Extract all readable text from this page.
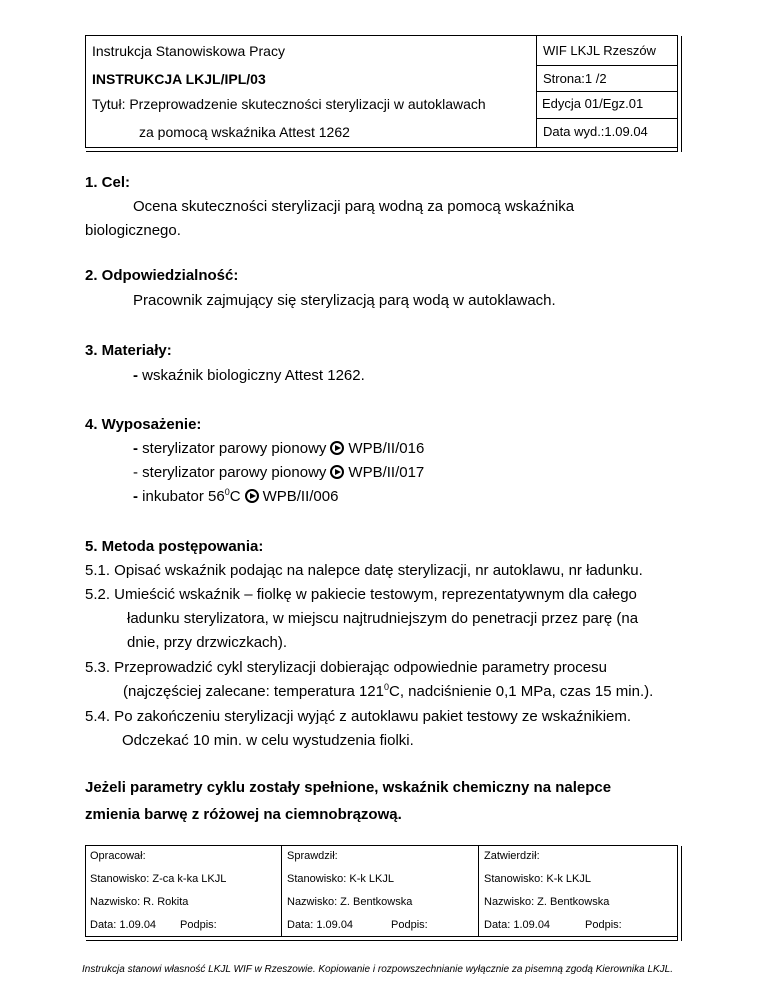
Instrukcja Stanowiskowa Pracy	WIF LKJL Rzeszów
INSTRUKCJA LKJL/IPL/03	Strona:1 /2
Tytuł: Przeprowadzenie skuteczności sterylizacji w autoklawach	Edycja 01/Egz.01
za pomocą wskaźnika Attest 1262	Data wyd.:1.09.04
1. Cel:
Ocena skuteczności sterylizacji parą wodną za pomocą wskaźnika
biologicznego.
2. Odpowiedzialność:
Pracownik zajmujący się sterylizacją parą wodą w autoklawach.
3. Materiały:
- wskaźnik biologiczny Attest 1262.
4. Wyposażenie:
- sterylizator parowy pionowy WPB/II/016
- sterylizator parowy pionowy WPB/II/017
- inkubator $56^0C$ WPB/II/006
5. Metoda postępowania:
5.1. Opisać wskaźnik podając na nalepce datę sterylizacji, nr autoklawu, nr ładunku.
5.2. Umieścić wskaźnik – fiolkę w pakiecie testowym, reprezentatywnym dla całego
ładunku sterylizatora, w miejscu najtrudniejszym do penetracji przez parę (na
dnie, przy drzwiczkach).
5.3. Przeprowadzić cykl sterylizacji dobierając odpowiednie parametry procesu
(najczęściej zalecane: temperatura $121^0C$, nadciśnienie 0,1 MPa, czas 15 min.).
5.4. Po zakończeniu sterylizacji wyjąć z autoklawu pakiet testowy ze wskaźnikiem.
Odczekać 10 min. w celu wystudzenia fiolki.
Jeżeli parametry cyklu zostały spełnione, wskaźnik chemiczny na nalepce
zmienia barwę z różowej na ciemnobrązową.
Opracował:
Stanowisko: Z-ca k-ka LKJL
Nazwisko: R. Rokita
Data: 1.09.04 Podpis:
Sprawdził:
Stanowisko: K-k LKJL
Nazwisko: Z. Bentkowska
Data: 1.09.04	Podpis:
Zatwierdził:
Stanowisko: K-k LKJL
Nazwisko: Z. Bentkowska
Data: 1.09.04	Podpis:
Instrukcja stanowi własność LKJL WIF w Rzeszowie. Kopiowanie i rozpowszechnianie wyłącznie za pisemną zgodą Kierownika LKJL.
